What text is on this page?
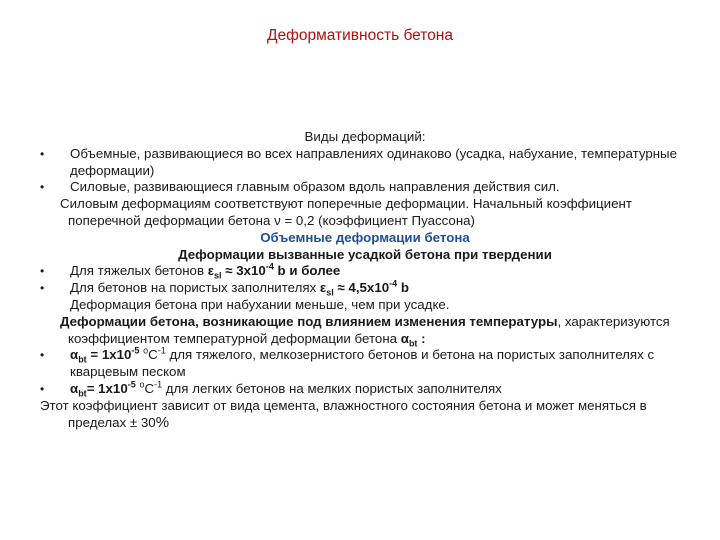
Деформативность бетона
Виды деформаций:
•	Объемные, развивающиеся во всех направлениях одинаково (усадка, набухание, температурные деформации)
•	Силовые, развивающиеся главным образом вдоль направления действия сил.
Силовым деформациям соответствуют поперечные деформации. Начальный коэффициент поперечной деформации бетона ν = 0,2 (коэффициент Пуассона)
Объемные деформации бетона
Деформации вызванные усадкой бетона при твердении
•	Для тяжелых бетонов $\varepsilon_{sl} \approx 3x10^{-4}$ b и более
•	Для бетонов на пористых заполнителях $\varepsilon_{sl} \approx 4,5x10^{-4}$ b
Деформация бетона при набухании меньше, чем при усадке.
Деформации бетона, возникающие под влиянием изменения температуры, характеризуются коэффициентом температурной деформации бетона $\alpha_{bt}$ :
•	$\alpha_{bt} = 1x10^{-5}$ $^оС^{-1}$ для тяжелого, мелкозернистого бетонов и бетона на пористых заполнителях с кварцевым песком
•	$\alpha_{bt}= 1x10^{-5}$ $^оС^{-1}$ для легких бетонов на мелких пористых заполнителях
Этот коэффициент зависит от вида цемента, влажностного состояния бетона и может меняться в пределах ± 30%
